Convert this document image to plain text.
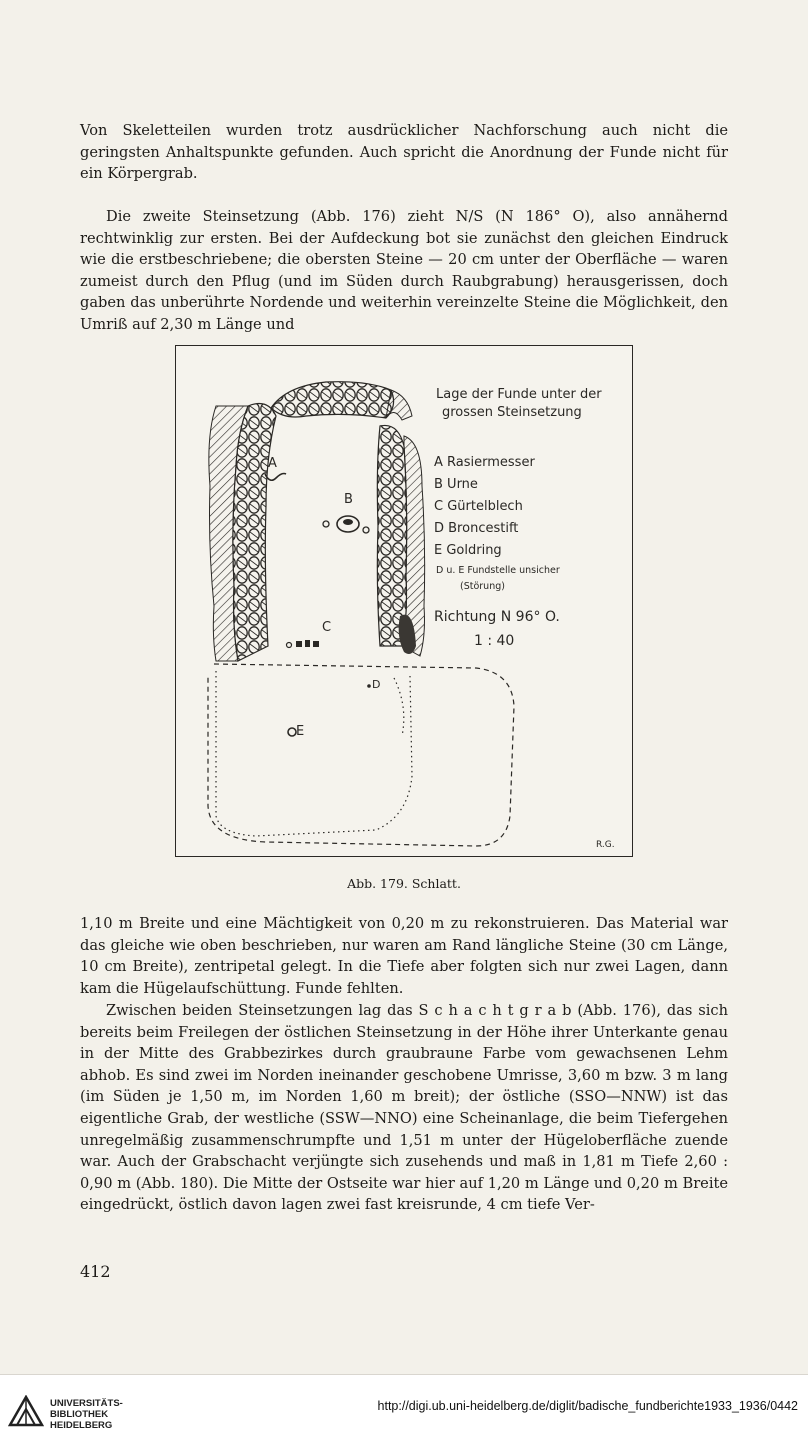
Von Skeletteilen wurden trotz ausdrücklicher Nachforschung auch nicht die geringsten Anhaltspunkte gefunden. Auch spricht die Anordnung der Funde nicht für ein Körpergrab.

Die zweite Steinsetzung (Abb. 176) zieht N/S (N 186° O), also annähernd rechtwinklig zur ersten. Bei der Aufdeckung bot sie zunächst den gleichen Eindruck wie die erstbeschriebene; die obersten Steine — 20 cm unter der Oberfläche — waren zumeist durch den Pflug (und im Süden durch Raubgrabung) herausgerissen, doch gaben das unberührte Nordende und weiterhin vereinzelte Steine die Möglichkeit, den Umriß auf 2,30 m Länge und

A
B
C
D
E
Lage der Funde unter der
grossen Steinsetzung
A Rasiermesser
B Urne
C Gürtelblech
D Broncestift
E Goldring
D u. E Fundstelle unsicher
(Störung)
Richtung N 96° O.
1 : 40
R.G.
Abb. 179. Schlatt.

1,10 m Breite und eine Mächtigkeit von 0,20 m zu rekonstruieren. Das Material war das gleiche wie oben beschrieben, nur waren am Rand längliche Steine (30 cm Länge, 10 cm Breite), zentripetal gelegt. In die Tiefe aber folgten sich nur zwei Lagen, dann kam die Hügelaufschüttung. Funde fehlten.

Zwischen beiden Steinsetzungen lag das S c h a c h t g r a b (Abb. 176), das sich bereits beim Freilegen der östlichen Steinsetzung in der Höhe ihrer Unterkante genau in der Mitte des Grabbezirkes durch graubraune Farbe vom gewachsenen Lehm abhob. Es sind zwei im Norden ineinander geschobene Umrisse, 3,60 m bzw. 3 m lang (im Süden je 1,50 m, im Norden 1,60 m breit); der östliche (SSO—NNW) ist das eigentliche Grab, der westliche (SSW—NNO) eine Scheinanlage, die beim Tiefergehen unregelmäßig zusammenschrumpfte und 1,51 m unter der Hügeloberfläche zuende war. Auch der Grabschacht verjüngte sich zusehends und maß in 1,81 m Tiefe 2,60 : 0,90 m (Abb. 180). Die Mitte der Ostseite war hier auf 1,20 m Länge und 0,20 m Breite eingedrückt, östlich davon lagen zwei fast kreisrunde, 4 cm tiefe Ver-

412
UNIVERSITÄTS-
BIBLIOTHEK
HEIDELBERG
http://digi.ub.uni-heidelberg.de/diglit/badische_fundberichte1933_1936/0442
